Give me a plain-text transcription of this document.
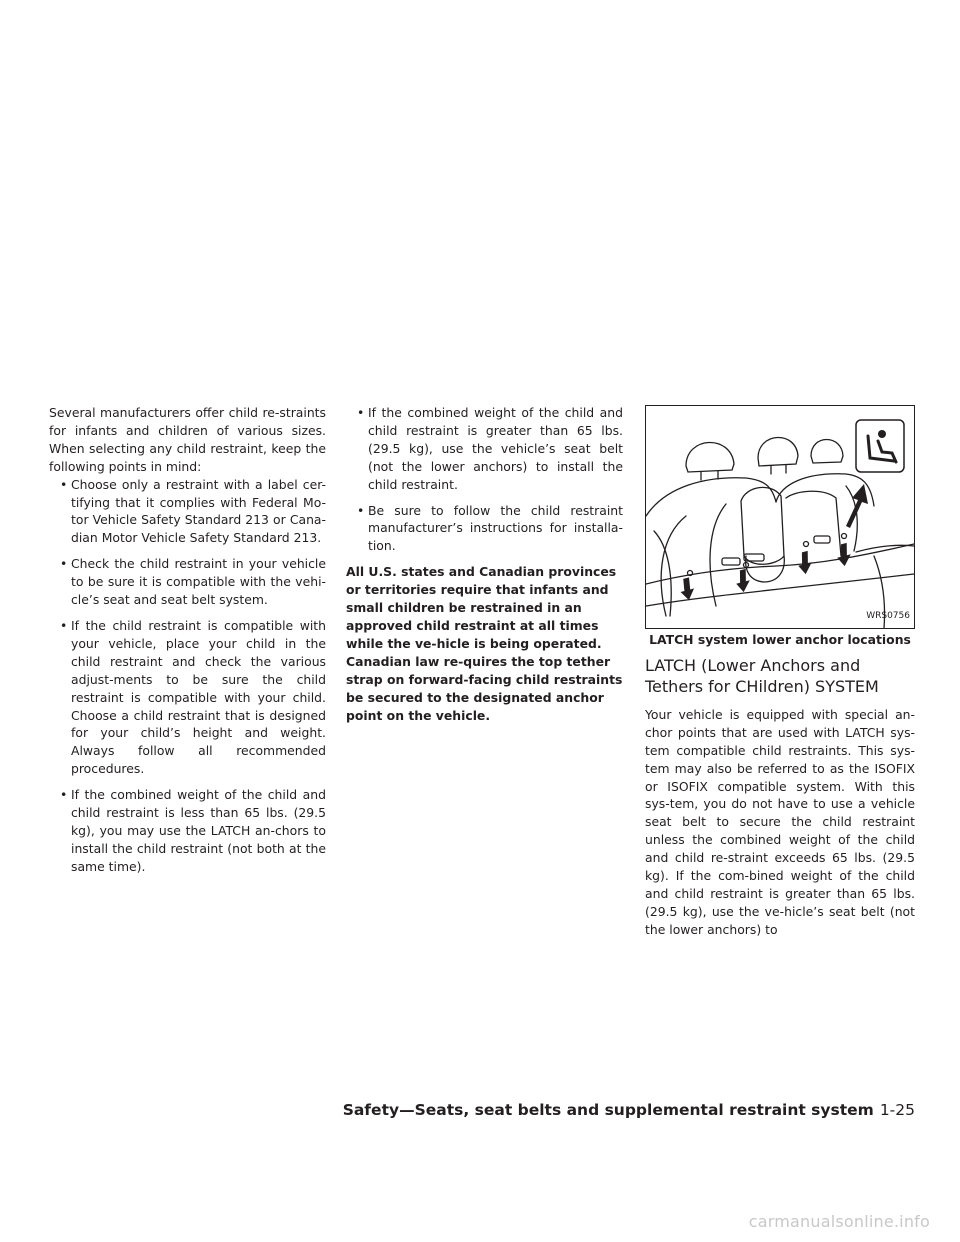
Several manufacturers offer child re-straints for infants and children of various sizes. When selecting any child restraint, keep the following points in mind:

• Choose only a restraint with a label cer-tifying that it complies with Federal Mo-tor Vehicle Safety Standard 213 or Cana-dian Motor Vehicle Safety Standard 213.
• Check the child restraint in your vehicle to be sure it is compatible with the vehi-cle’s seat and seat belt system.
• If the child restraint is compatible with your vehicle, place your child in the child restraint and check the various adjust-ments to be sure the child restraint is compatible with your child. Choose a child restraint that is designed for your child’s height and weight. Always follow all recommended procedures.
• If the combined weight of the child and child restraint is less than 65 lbs. (29.5 kg), you may use the LATCH an-chors to install the child restraint (not both at the same time).
• If the combined weight of the child and child restraint is greater than 65 lbs. (29.5 kg), use the vehicle’s seat belt (not the lower anchors) to install the child restraint.
• Be sure to follow the child restraint manufacturer’s instructions for installa-tion.

All U.S. states and Canadian provinces or territories require that infants and small children be restrained in an approved child restraint at all times while the ve-hicle is being operated. Canadian law re-quires the top tether strap on forward-facing child restraints be secured to the designated anchor point on the vehicle.

WRS0756
LATCH system lower anchor locations
LATCH (Lower Anchors and
Tethers for CHildren) SYSTEM

Your vehicle is equipped with special an-chor points that are used with LATCH sys-tem compatible child restraints. This sys-tem may also be referred to as the ISOFIX or ISOFIX compatible system. With this sys-tem, you do not have to use a vehicle seat belt to secure the child restraint unless the combined weight of the child and child re-straint exceeds 65 lbs. (29.5 kg). If the com-bined weight of the child and child restraint is greater than 65 lbs. (29.5 kg), use the ve-hicle’s seat belt (not the lower anchors) to

Safety—Seats, seat belts and supplemental restraint system 1-25
carmanualsonline.info
